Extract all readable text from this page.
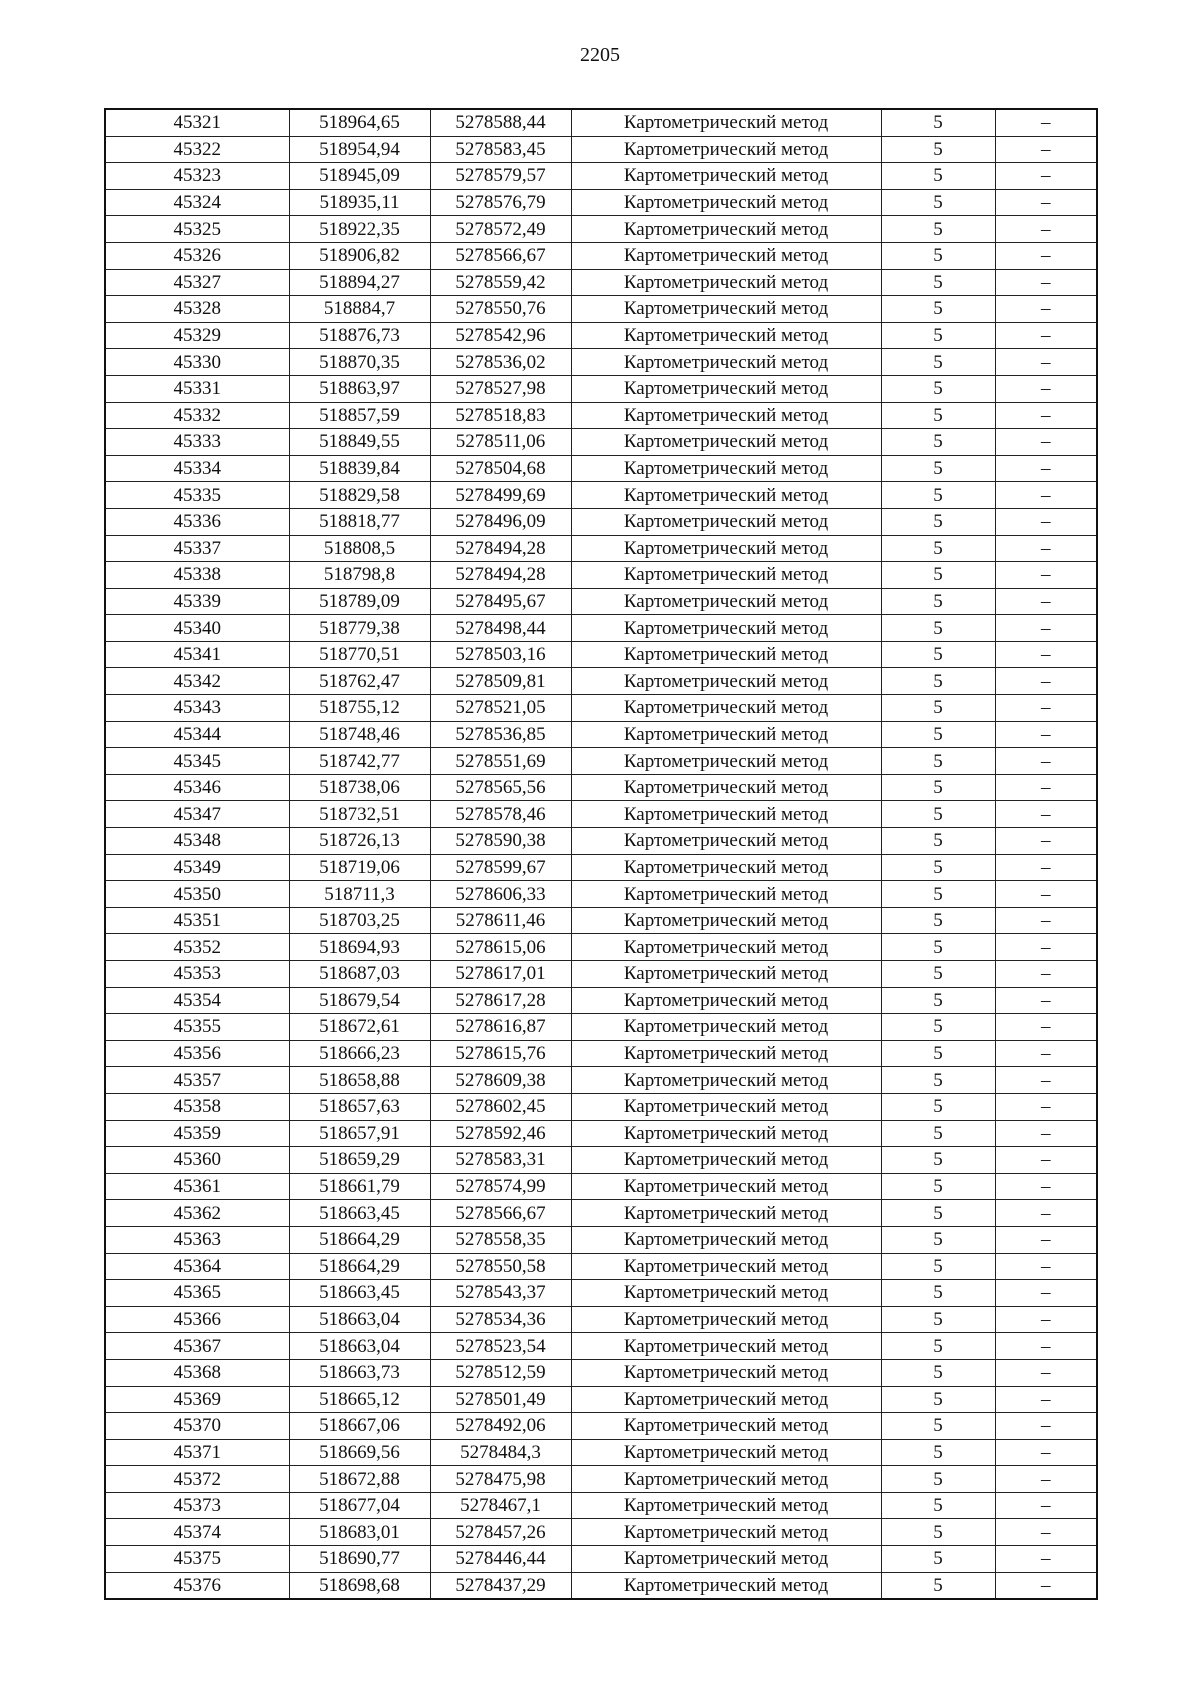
2205
45321	518964,65	5278588,44	Картометрический метод	5	–
45322	518954,94	5278583,45	Картометрический метод	5	–
45323	518945,09	5278579,57	Картометрический метод	5	–
45324	518935,11	5278576,79	Картометрический метод	5	–
45325	518922,35	5278572,49	Картометрический метод	5	–
45326	518906,82	5278566,67	Картометрический метод	5	–
45327	518894,27	5278559,42	Картометрический метод	5	–
45328	518884,7	5278550,76	Картометрический метод	5	–
45329	518876,73	5278542,96	Картометрический метод	5	–
45330	518870,35	5278536,02	Картометрический метод	5	–
45331	518863,97	5278527,98	Картометрический метод	5	–
45332	518857,59	5278518,83	Картометрический метод	5	–
45333	518849,55	5278511,06	Картометрический метод	5	–
45334	518839,84	5278504,68	Картометрический метод	5	–
45335	518829,58	5278499,69	Картометрический метод	5	–
45336	518818,77	5278496,09	Картометрический метод	5	–
45337	518808,5	5278494,28	Картометрический метод	5	–
45338	518798,8	5278494,28	Картометрический метод	5	–
45339	518789,09	5278495,67	Картометрический метод	5	–
45340	518779,38	5278498,44	Картометрический метод	5	–
45341	518770,51	5278503,16	Картометрический метод	5	–
45342	518762,47	5278509,81	Картометрический метод	5	–
45343	518755,12	5278521,05	Картометрический метод	5	–
45344	518748,46	5278536,85	Картометрический метод	5	–
45345	518742,77	5278551,69	Картометрический метод	5	–
45346	518738,06	5278565,56	Картометрический метод	5	–
45347	518732,51	5278578,46	Картометрический метод	5	–
45348	518726,13	5278590,38	Картометрический метод	5	–
45349	518719,06	5278599,67	Картометрический метод	5	–
45350	518711,3	5278606,33	Картометрический метод	5	–
45351	518703,25	5278611,46	Картометрический метод	5	–
45352	518694,93	5278615,06	Картометрический метод	5	–
45353	518687,03	5278617,01	Картометрический метод	5	–
45354	518679,54	5278617,28	Картометрический метод	5	–
45355	518672,61	5278616,87	Картометрический метод	5	–
45356	518666,23	5278615,76	Картометрический метод	5	–
45357	518658,88	5278609,38	Картометрический метод	5	–
45358	518657,63	5278602,45	Картометрический метод	5	–
45359	518657,91	5278592,46	Картометрический метод	5	–
45360	518659,29	5278583,31	Картометрический метод	5	–
45361	518661,79	5278574,99	Картометрический метод	5	–
45362	518663,45	5278566,67	Картометрический метод	5	–
45363	518664,29	5278558,35	Картометрический метод	5	–
45364	518664,29	5278550,58	Картометрический метод	5	–
45365	518663,45	5278543,37	Картометрический метод	5	–
45366	518663,04	5278534,36	Картометрический метод	5	–
45367	518663,04	5278523,54	Картометрический метод	5	–
45368	518663,73	5278512,59	Картометрический метод	5	–
45369	518665,12	5278501,49	Картометрический метод	5	–
45370	518667,06	5278492,06	Картометрический метод	5	–
45371	518669,56	5278484,3	Картометрический метод	5	–
45372	518672,88	5278475,98	Картометрический метод	5	–
45373	518677,04	5278467,1	Картометрический метод	5	–
45374	518683,01	5278457,26	Картометрический метод	5	–
45375	518690,77	5278446,44	Картометрический метод	5	–
45376	518698,68	5278437,29	Картометрический метод	5	–
